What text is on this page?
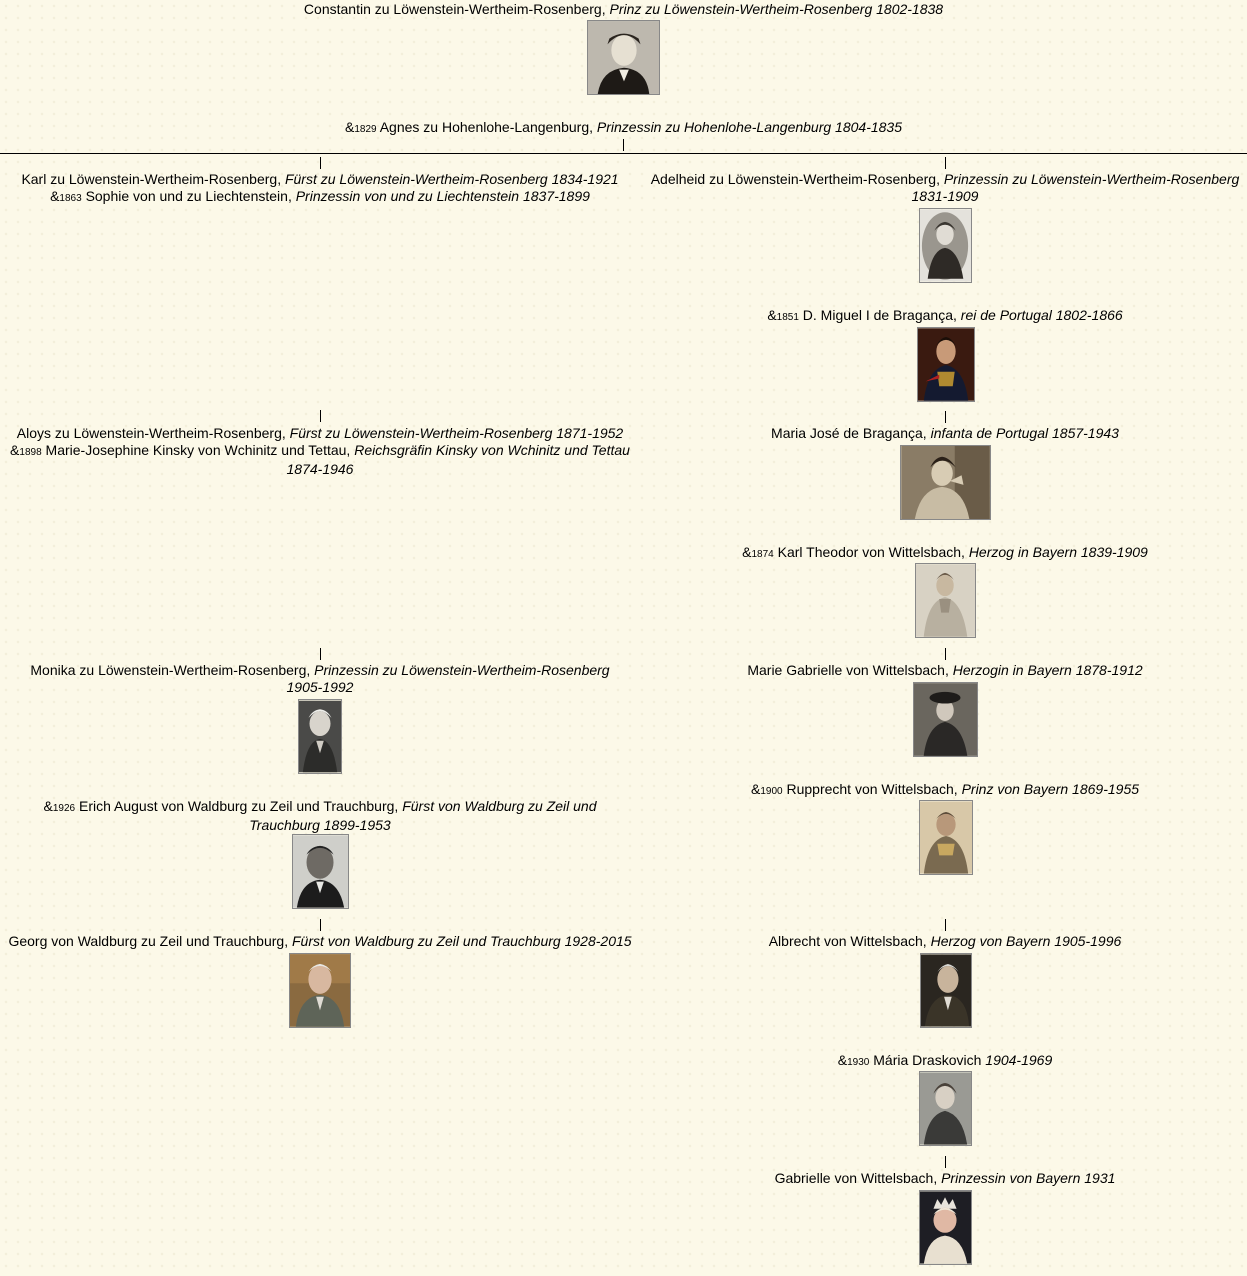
Constantin zu Löwenstein-Wertheim-Rosenberg, Prinz zu Löwenstein-Wertheim-Rosenberg 1802-1838
&1829 Agnes zu Hohenlohe-Langenburg, Prinzessin zu Hohenlohe-Langenburg 1804-1835
Karl zu Löwenstein-Wertheim-Rosenberg, Fürst zu Löwenstein-Wertheim-Rosenberg 1834-1921
&1863 Sophie von und zu Liechtenstein, Prinzessin von und zu Liechtenstein 1837-1899
Aloys zu Löwenstein-Wertheim-Rosenberg, Fürst zu Löwenstein-Wertheim-Rosenberg 1871-1952
&1898 Marie-Josephine Kinsky von Wchinitz und Tettau, Reichsgräfin Kinsky von Wchinitz und Tettau
1874-1946
Monika zu Löwenstein-Wertheim-Rosenberg, Prinzessin zu Löwenstein-Wertheim-Rosenberg
1905-1992
&1926 Erich August von Waldburg zu Zeil und Trauchburg, Fürst von Waldburg zu Zeil und
Trauchburg 1899-1953
Georg von Waldburg zu Zeil und Trauchburg, Fürst von Waldburg zu Zeil und Trauchburg 1928-2015
Adelheid zu Löwenstein-Wertheim-Rosenberg, Prinzessin zu Löwenstein-Wertheim-Rosenberg
1831-1909
&1851 D. Miguel I de Bragança, rei de Portugal 1802-1866
Maria José de Bragança, infanta de Portugal 1857-1943
&1874 Karl Theodor von Wittelsbach, Herzog in Bayern 1839-1909
Marie Gabrielle von Wittelsbach, Herzogin in Bayern 1878-1912
&1900 Rupprecht von Wittelsbach, Prinz von Bayern 1869-1955
Albrecht von Wittelsbach, Herzog von Bayern 1905-1996
&1930 Mária Draskovich 1904-1969
Gabrielle von Wittelsbach, Prinzessin von Bayern 1931
